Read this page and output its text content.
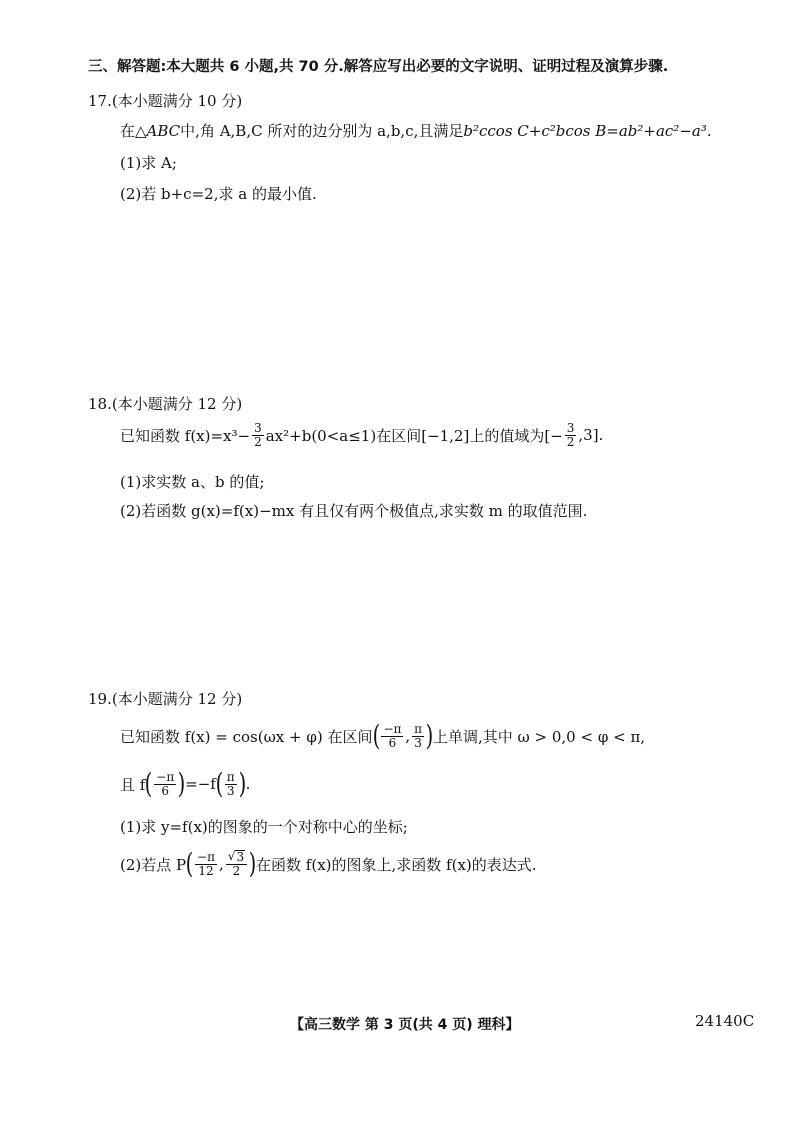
三、解答题:本大题共 6 小题,共 70 分.解答应写出必要的文字说明、证明过程及演算步骤.
17.(本小题满分 10 分)
在△ ABC 中,角 A,B,C 所对的边分别为 a,b,c,且满足 b²ccos C+c²bcos B=ab²+ac²−a³.
(1)求 A;
(2)若 b+c=2,求 a 的最小值.
18.(本小题满分 12 分)
已知函数 $f(x)=x^3- \frac{3}{2} ax^2+b(0<a\le 1)$在区间[−1,2]上的值域为[− $\frac{3}{2} ,3$].
(1)求实数 a、b 的值;
(2)若函数 g(x)=f(x)−mx 有且仅有两个极值点,求实数 m 的取值范围.
19.(本小题满分 12 分)
已知函数 f(x) = cos(ωx + φ) 在区间 ( $\frac{-\pi}{6}$ , $\frac{\pi}{3}$ ) 上单调,其中 ω > 0,0 < φ < π,
且 f ( $\frac{-\pi}{6}$ ) =−f ( $\frac{\pi}{3}$ ) .
(1)求 y=f(x)的图象的一个对称中心的坐标;
(2)若点 P ( $\frac{-\pi}{12}$ , $\frac{√ 3}{2}$ ) 在函数 f(x)的图象上,求函数 f(x)的表达式.
【高三数学 第 3 页(共 4 页) 理科】	24140C
